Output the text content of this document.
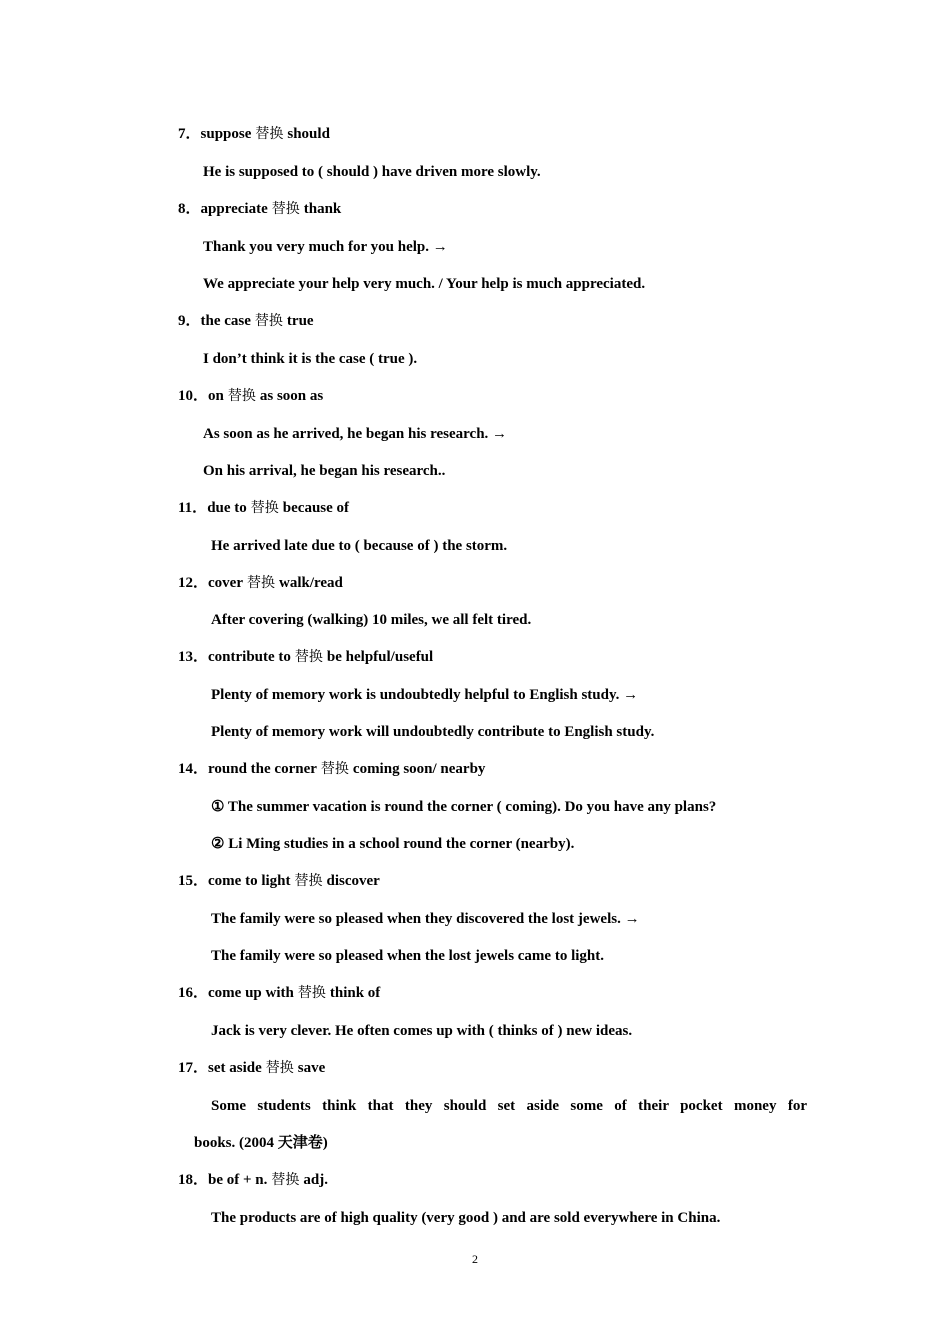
7．suppose 替换 should
He is supposed to ( should ) have driven more slowly.
8．appreciate 替换 thank
Thank you very much for you help. →
We appreciate your help very much. / Your help is much appreciated.
9．the case 替换 true
I don’t think it is the case ( true ).
10．on 替换 as soon as
As soon as he arrived, he began his research. →
On his arrival, he began his research..
11．due to 替换 because of
He arrived late due to ( because of ) the storm.
12．cover 替换 walk/read
After covering (walking) 10 miles, we all felt tired.
13．contribute to 替换 be helpful/useful
Plenty of memory work is undoubtedly helpful to English study. →
Plenty of memory work will undoubtedly contribute to English study.
14．round the corner 替换 coming soon/ nearby
① The summer vacation is round the corner ( coming). Do you have any plans?
② Li Ming studies in a school round the corner (nearby).
15．come to light 替换 discover
The family were so pleased when they discovered the lost jewels. →
The family were so pleased when the lost jewels came to light.
16．come up with 替换 think of
Jack is very clever. He often comes up with ( thinks of ) new ideas.
17．set aside 替换 save
Some students think that they should set aside some of their pocket money for
books. (2004 天津卷)
18．be of + n. 替换 adj.
The products are of high quality (very good ) and are sold everywhere in China.
2
